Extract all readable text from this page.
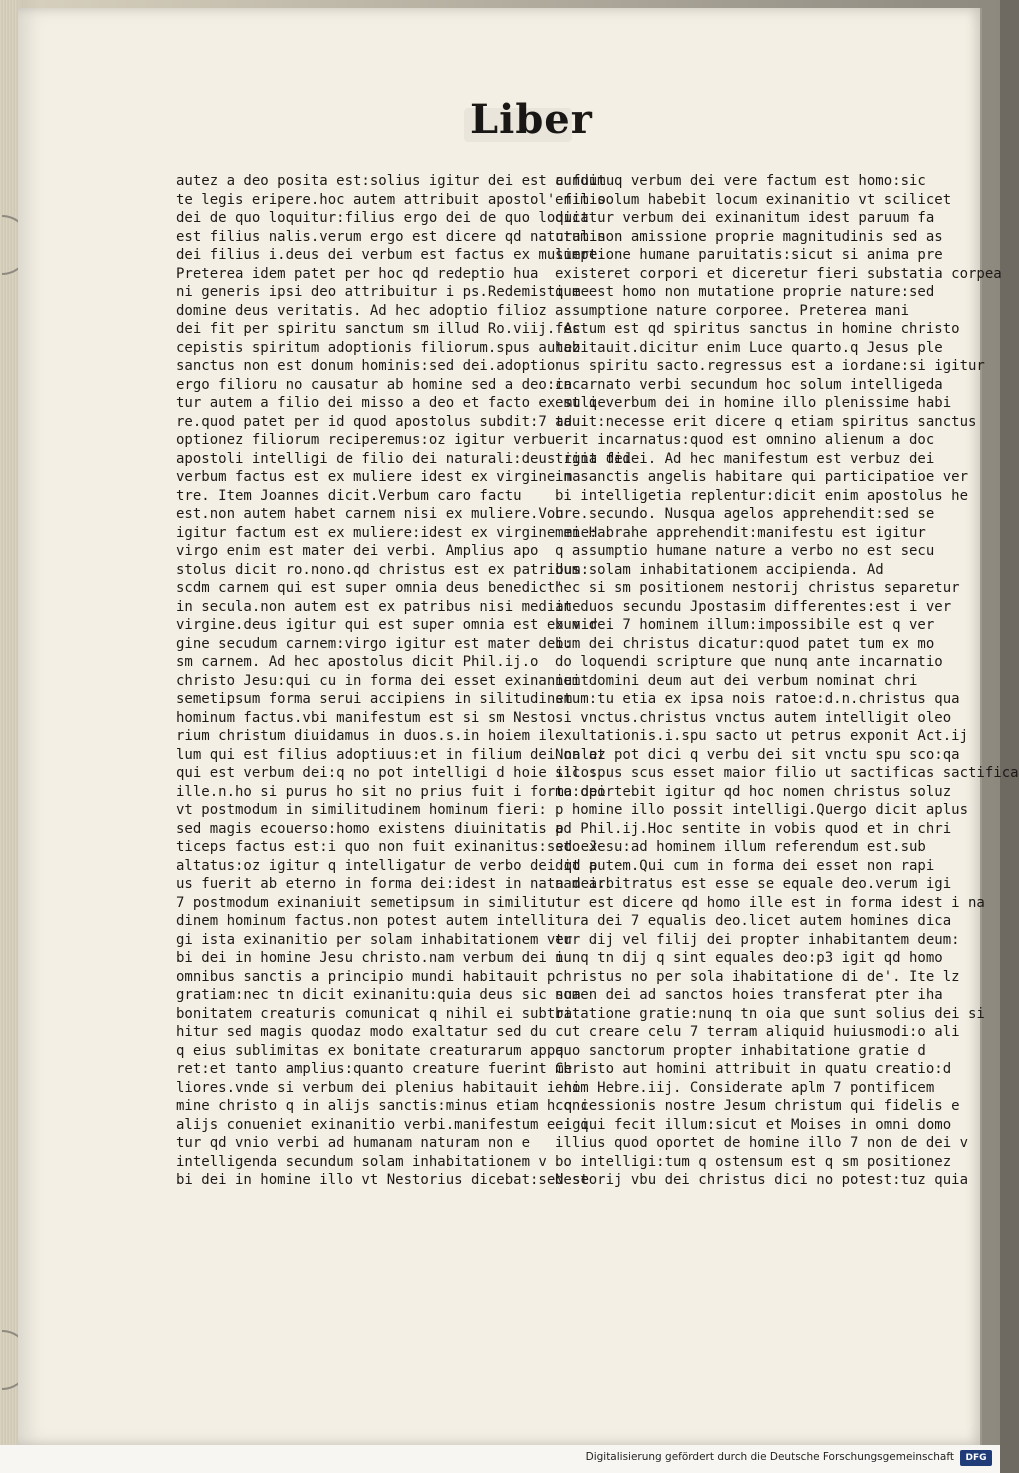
Liber
autez a deo posita est:solius igitur dei est a fuitu
te legis eripere.hoc autem attribuit apostol' filio
dei de quo loquitur:filius ergo dei de quo loquit
est filius nalis.verum ergo est dicere qd naturalis
dei filius i.deus dei verbum est factus ex muliere.
Preterea idem patet per hoc qd redeptio hua
ni generis ipsi deo attribuitur i ps.Redemisti me
domine deus veritatis. Ad hec adoptio filioz
dei fit per spiritu sanctum sm illud Ro.viij. Ac
cepistis spiritum adoptionis filiorum.spus autez
sanctus non est donum hominis:sed dei.adoptio
ergo filioru no causatur ab homine sed a deo:ca
tur autem a filio dei misso a deo et facto ex mulie
re.quod patet per id quod apostolus subdit:7 ad
optionez filiorum reciperemus:oz igitur verbu
apostoli intelligi de filio dei naturali:deus igit dei
verbum factus est ex muliere idest ex virgine ma
tre. Item Joannes dicit.Verbum caro factu
est.non autem habet carnem nisi ex muliere.Vou
igitur factum est ex muliere:idest ex virgine mie:
virgo enim est mater dei verbi. Amplius apo
stolus dicit ro.nono.qd christus est ex patribus:
scdm carnem qui est super omnia deus benedict'
in secula.non autem est ex patribus nisi mediate
virgine.deus igitur qui est super omnia est ex vir
gine secudum carnem:virgo igitur est mater dei:
sm carnem. Ad hec apostolus dicit Phil.ij.o
christo Jesu:qui cu in forma dei esset exinaniuit
semetipsum forma serui accipiens in silitudinem
hominum factus.vbi manifestum est si sm Nesto
rium christum diuidamus in duos.s.in hoiem il
lum qui est filius adoptiuus:et in filium dei nalez
qui est verbum dei:q no pot intelligi d hoie illo:
ille.n.ho si purus ho sit no prius fuit i forma dei
vt postmodum in similitudinem hominum fieri:
sed magis ecouerso:homo existens diuinitatis p
ticeps factus est:i quo non fuit exinanitus:sed ex
altatus:oz igitur q intelligatur de verbo dei qd p
us fuerit ab eterno in forma dei:idest in nata dei:
7 postmodum exinaniuit semetipsum in similitu
dinem hominum factus.non potest autem intelli
gi ista exinanitio per solam inhabitationem ver
bi dei in homine Jesu christo.nam verbum dei i
omnibus sanctis a principio mundi habitauit p
gratiam:nec tn dicit exinanitu:quia deus sic sua
bonitatem creaturis comunicat q nihil ei subtra
hitur sed magis quodaz modo exaltatur sed du
q eius sublimitas ex bonitate creaturarum appa
ret:et tanto amplius:quanto creature fuerint me
liores.vnde si verbum dei plenius habitauit i ho
mine christo q in alijs sanctis:minus etiam h q i
alijs conueniet exinanitio verbi.manifestum e igi
tur qd vnio verbi ad humanam naturam non e
intelligenda secundum solam inhabitationem v
bi dei in homine illo vt Nestorius dicebat:sed se
cundum q verbum dei vere factum est homo:sic
enim solum habebit locum exinanitio vt scilicet
dicatur verbum dei exinanitum idest paruum fa
ctum non amissione proprie magnitudinis sed as
sumptione humane paruitatis:sicut si anima pre
existeret corpori et diceretur fieri substatia corpea
que est homo non mutatione proprie nature:sed
assumptione nature corporee. Preterea mani
festum est qd spiritus sanctus in homine christo
habitauit.dicitur enim Luce quarto.q Jesus ple
nus spiritu sacto.regressus est a iordane:si igitur
incarnato verbi secundum hoc solum intelligeda
est q verbum dei in homine illo plenissime habi
tauit:necesse erit dicere q etiam spiritus sanctus
erit incarnatus:quod est omnino alienum a doc
trina fidei. Ad hec manifestum est verbuz dei
in sanctis angelis habitare qui participatioe ver
bi intelligetia replentur:dicit enim apostolus he
bre.secundo. Nusqua agelos apprehendit:sed se
men Habrahe apprehendit:manifestu est igitur
q assumptio humane nature a verbo no est secu
dum solam inhabitationem accipienda. Ad
hec si sm positionem nestorij christus separetur
in duos secundu Jpostasim differentes:est i ver
bum dei 7 hominem illum:impossibile est q ver
bum dei christus dicatur:quod patet tum ex mo
do loquendi scripture que nunq ante incarnatio
nem domini deum aut dei verbum nominat chri
stum:tu etia ex ipsa nois ratoe:d.n.christus qua
si vnctus.christus vnctus autem intelligit oleo
exultationis.i.spu sacto ut petrus exponit Act.ij
Non at pot dici q verbu dei sit vnctu spu sco:qa
sic spus scus esset maior filio ut sactificas sactifica
to:oportebit igitur qd hoc nomen christus soluz
p homine illo possit intelligi.Quergo dicit aplus
ad Phil.ij.Hoc sentite in vobis quod et in chri
sto Jesu:ad hominem illum referendum est.sub
dit autem.Qui cum in forma dei esset non rapi
nam arbitratus est esse se equale deo.verum igi
tur est dicere qd homo ille est in forma idest i na
tura dei 7 equalis deo.licet autem homines dica
tur dij vel filij dei propter inhabitantem deum:
nunq tn dij q sint equales deo:p3 igit qd homo
christus no per sola ihabitatione di de'. Ite lz
nomen dei ad sanctos hoies transferat pter iha
bitatione gratie:nunq tn oia que sunt solius dei si
cut creare celu 7 terram aliquid huiusmodi:o ali
quo sanctorum propter inhabitatione gratie d
Christo aut homini attribuit in quatu creatio:d
enim Hebre.iij. Considerate aplm 7 pontificem
concessionis nostre Jesum christum qui fidelis e
ei qui fecit illum:sicut et Moises in omni domo
illius quod oportet de homine illo 7 non de dei v
bo intelligi:tum q ostensum est q sm positionez
Nestorij vbu dei christus dici no potest:tuz quia
Digitalisierung gefördert durch die Deutsche Forschungsgemeinschaft	DFG
